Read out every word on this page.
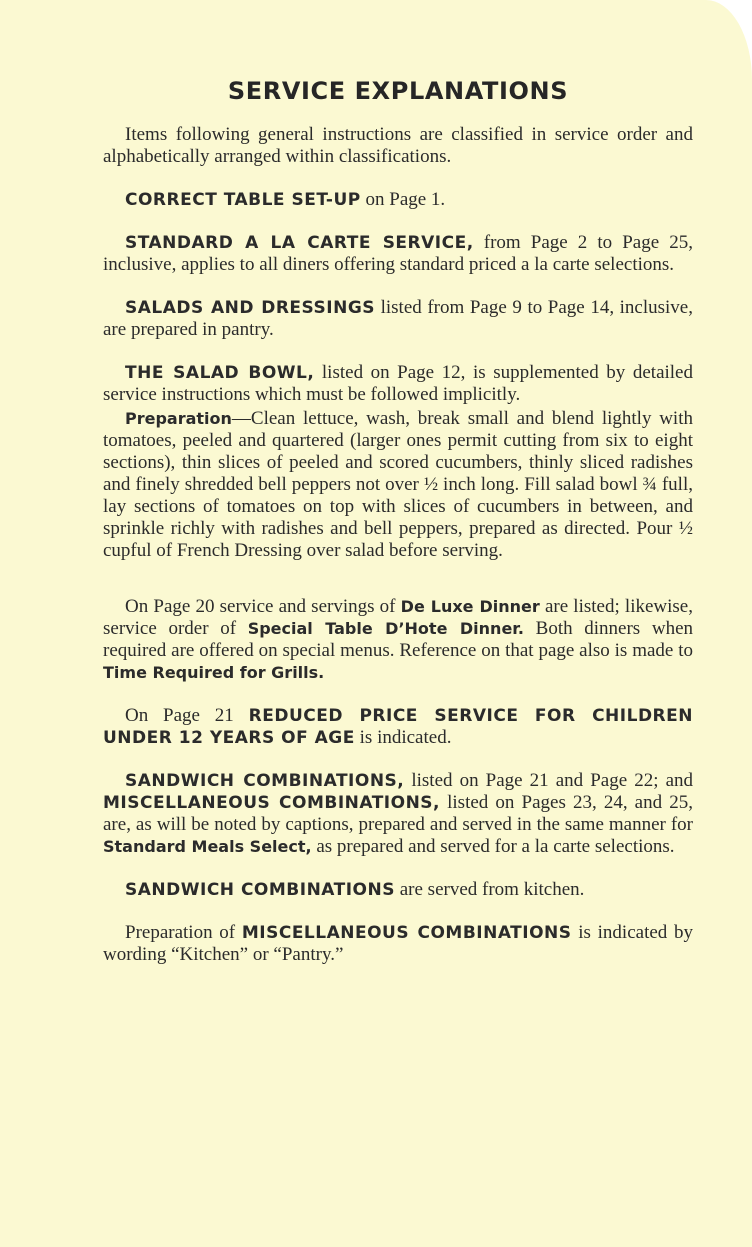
SERVICE EXPLANATIONS

Items following general instructions are classified in service order and alphabetically arranged within classifications.

CORRECT TABLE SET-UP on Page 1.

STANDARD A LA CARTE SERVICE, from Page 2 to Page 25, inclusive, applies to all diners offering standard priced a la carte selections.

SALADS AND DRESSINGS listed from Page 9 to Page 14, inclusive, are prepared in pantry.

THE SALAD BOWL, listed on Page 12, is supplemented by detailed service instructions which must be followed implicitly.

Preparation—Clean lettuce, wash, break small and blend lightly with tomatoes, peeled and quartered (larger ones permit cutting from six to eight sections), thin slices of peeled and scored cucumbers, thinly sliced radishes and finely shredded bell peppers not over ½ inch long. Fill salad bowl ¾ full, lay sections of tomatoes on top with slices of cucumbers in between, and sprinkle richly with radishes and bell peppers, prepared as directed. Pour ½ cupful of French Dressing over salad before serving.

On Page 20 service and servings of De Luxe Dinner are listed; likewise, service order of Special Table D’Hote Dinner. Both dinners when required are offered on special menus. Reference on that page also is made to Time Required for Grills.

On Page 21 REDUCED PRICE SERVICE FOR CHILDREN UNDER 12 YEARS OF AGE is indicated.

SANDWICH COMBINATIONS, listed on Page 21 and Page 22; and MISCELLANEOUS COMBINATIONS, listed on Pages 23, 24, and 25, are, as will be noted by captions, prepared and served in the same manner for Standard Meals Select, as prepared and served for a la carte selections.

SANDWICH COMBINATIONS are served from kitchen.

Preparation of MISCELLANEOUS COMBINATIONS is indicated by wording “Kitchen” or “Pantry.”
